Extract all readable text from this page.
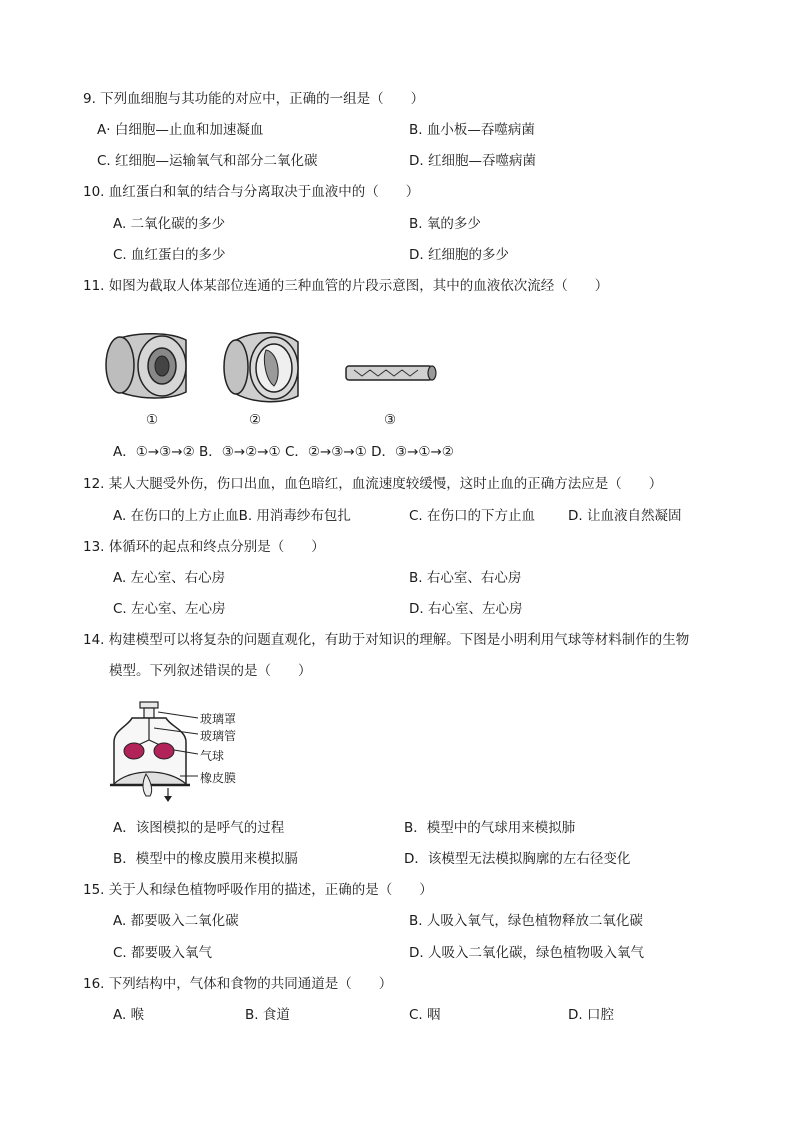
9. 下列血细胞与其功能的对应中，正确的一组是（　　）
A· 白细胞—止血和加速凝血	B. 血小板—吞噬病菌
C. 红细胞—运输氧气和部分二氧化碳	D. 红细胞—吞噬病菌
10. 血红蛋白和氧的结合与分离取决于血液中的（　　）
A. 二氧化碳的多少	B. 氧的多少
C. 血红蛋白的多少	D. 红细胞的多少
11. 如图为截取人体某部位连通的三种血管的片段示意图，其中的血液依次流经（　　）
①	②	③
A．①→③→② B．③→②→① C．②→③→① D．③→①→②
12. 某人大腿受外伤，伤口出血，血色暗红，血流速度较缓慢，这时止血的正确方法应是（　　）
A. 在伤口的上方止血B. 用消毒纱布包扎	C. 在伤口的下方止血 D. 让血液自然凝固
13. 体循环的起点和终点分别是（　　）
A. 左心室、右心房	B. 右心室、右心房
C. 左心室、左心房	D. 右心室、左心房
14. 构建模型可以将复杂的问题直观化，有助于对知识的理解。下图是小明利用气球等材料制作的生物
模型。下列叙述错误的是（　　）
玻璃罩
玻璃管
气球
橡皮膜
A．该图模拟的是呼气的过程	B．模型中的气球用来模拟肺
B．模型中的橡皮膜用来模拟膈	D．该模型无法模拟胸廓的左右径变化
15. 关于人和绿色植物呼吸作用的描述，正确的是（　　）
A. 都要吸入二氧化碳	B. 人吸入氧气，绿色植物释放二氧化碳
C. 都要吸入氧气	D. 人吸入二氧化碳，绿色植物吸入氧气
16. 下列结构中，气体和食物的共同通道是（　　）
A. 喉	B. 食道	C. 咽	D. 口腔
